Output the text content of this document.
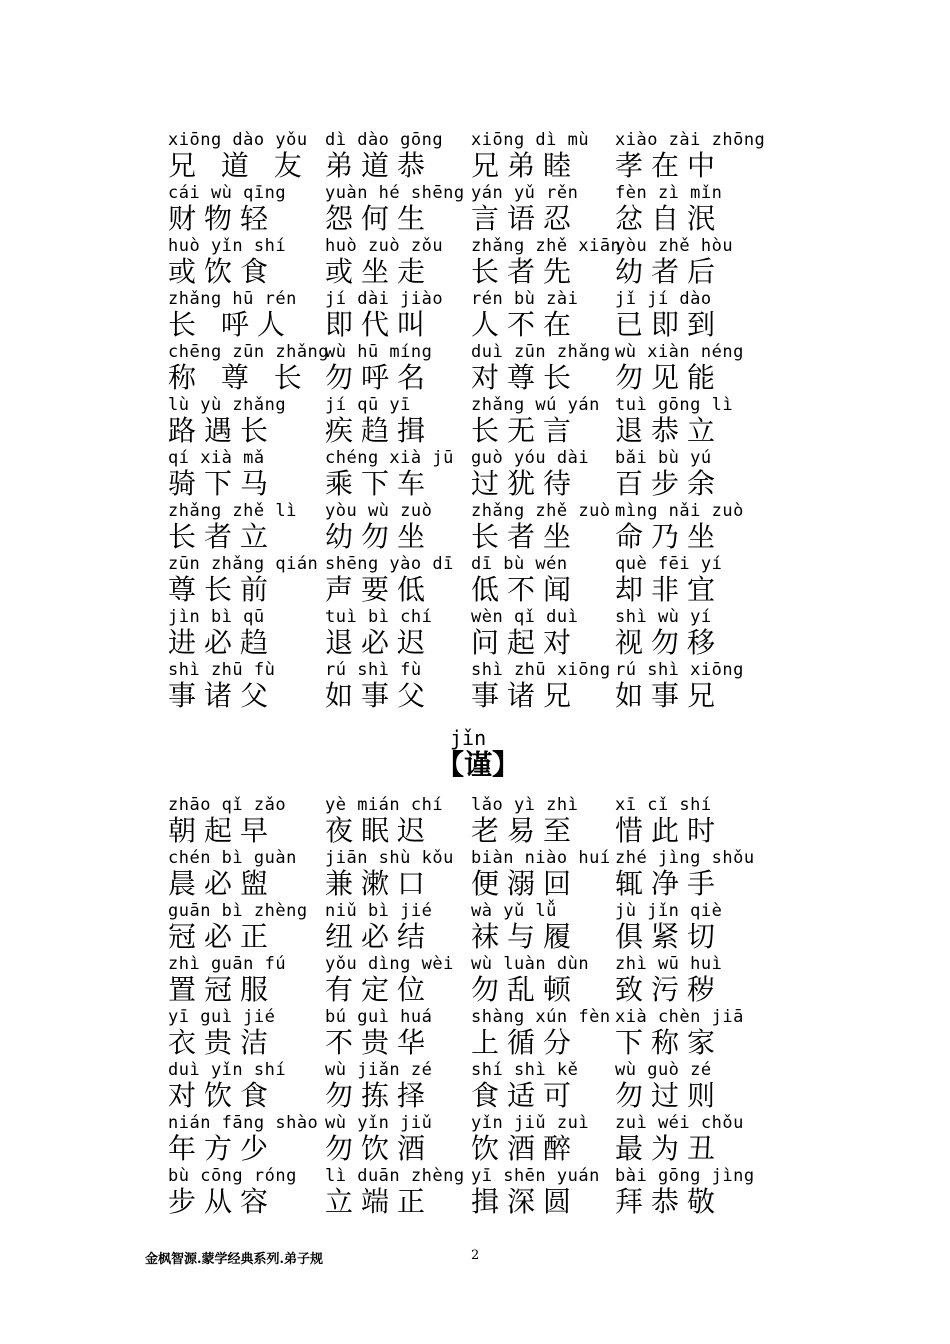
xiōng dào yǒu
兄 道 友
dì dào gōng
弟道恭
xiōng dì mù
兄弟睦
xiào zài zhōng
孝在中
cái wù qīng
财物轻
yuàn hé shēng
怨何生
yán yǔ rěn
言语忍
fèn zì mǐn
忿自泯
huò yǐn shí
或饮食
huò zuò zǒu
或坐走
zhǎng zhě xiān
长者先
yòu zhě hòu
幼者后
zhǎng hū rén
长 呼人
jí dài jiào
即代叫
rén bù zài
人不在
jǐ jí dào
已即到
chēng zūn zhǎng
称 尊 长
wù hū míng
勿呼名
duì zūn zhǎng
对尊长
wù xiàn néng
勿见能
lù yù zhǎng
路遇长
jí qū yī
疾趋揖
zhǎng wú yán
长无言
tuì gōng lì
退恭立
qí xià mǎ
骑下马
chéng xià jū
乘下车
guò yóu dài
过犹待
bǎi bù yú
百步余
zhǎng zhě lì
长者立
yòu wù zuò
幼勿坐
zhǎng zhě zuò
长者坐
mìng nǎi zuò
命乃坐
zūn zhǎng qián
尊长前
shēng yào dī
声要低
dī bù wén
低不闻
què fēi yí
却非宜
jìn bì qū
进必趋
tuì bì chí
退必迟
wèn qǐ duì
问起对
shì wù yí
视勿移
shì zhū fù
事诸父
rú shì fù
如事父
shì zhū xiōng
事诸兄
rú shì xiōng
如事兄
jǐn
【谨】
zhāo qǐ zǎo
朝起早
yè mián chí
夜眠迟
lǎo yì zhì
老易至
xī cǐ shí
惜此时
chén bì guàn
晨必盥
jiān shù kǒu
兼漱口
biàn niào huí
便溺回
zhé jìng shǒu
辄净手
guān bì zhèng
冠必正
niǔ bì jié
纽必结
wà yǔ lǚ
袜与履
jù jǐn qiè
俱紧切
zhì guān fú
置冠服
yǒu dìng wèi
有定位
wù luàn dùn
勿乱顿
zhì wū huì
致污秽
yī guì jié
衣贵洁
bú guì huá
不贵华
shàng xún fèn
上循分
xià chèn jiā
下称家
duì yǐn shí
对饮食
wù jiǎn zé
勿拣择
shí shì kě
食适可
wù guò zé
勿过则
nián fāng shào
年方少
wù yǐn jiǔ
勿饮酒
yǐn jiǔ zuì
饮酒醉
zuì wéi chǒu
最为丑
bù cōng róng
步从容
lì duān zhèng
立端正
yī shēn yuán
揖深圆
bài gōng jìng
拜恭敬
金枫智源.蒙学经典系列.弟子规	2
